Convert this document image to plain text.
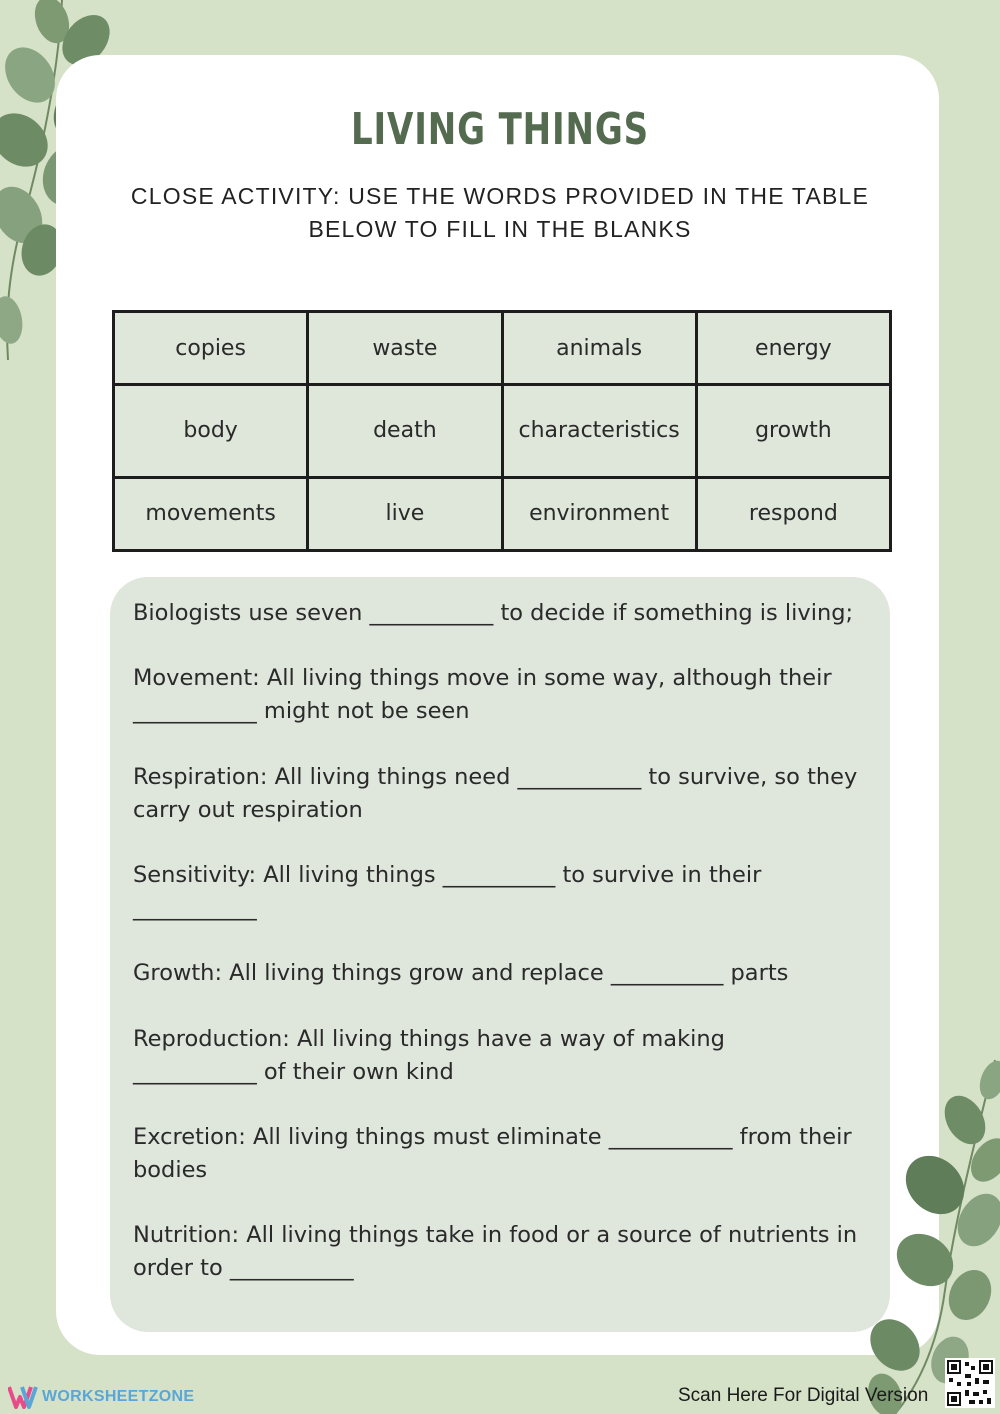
LIVING THINGS
CLOSE ACTIVITY: USE THE WORDS PROVIDED IN THE TABLE BELOW TO FILL IN THE BLANKS
copies	waste	animals	energy
body	death	characteristics	growth
movements	live	environment	respond
Biologists use seven ___________ to decide if something is living;
Movement: All living things move in some way, although their
___________ might not be seen
Respiration: All living things need ___________ to survive, so they
carry out respiration
Sensitivity: All living things __________ to survive in their
___________
Growth: All living things grow and replace __________ parts
Reproduction: All living things have a way of making
___________ of their own kind
Excretion: All living things must eliminate ___________ from their
bodies
Nutrition: All living things take in food or a source of nutrients in
order to ___________
WORKSHEETZONE	Scan Here For Digital Version
